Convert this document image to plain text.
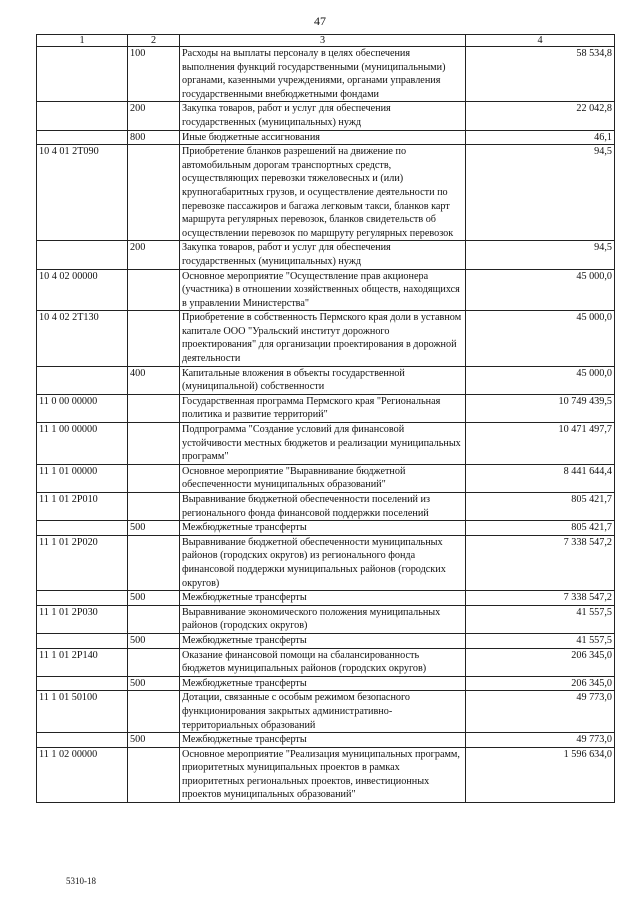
47
1	2	3	4
	100	Расходы на выплаты персоналу в целях обеспечения выполнения функций государственными (муниципальными) органами, казенными учреждениями, органами управления государственными внебюджетными фондами	58 534,8
	200	Закупка товаров, работ и услуг для обеспечения государственных (муниципальных) нужд	22 042,8
	800	Иные бюджетные ассигнования	46,1
10 4 01 2T090		Приобретение бланков разрешений на движение по автомобильным дорогам транспортных средств, осуществляющих перевозки тяжеловесных и (или) крупногабаритных грузов, и осуществление деятельности по перевозке пассажиров и багажа легковым такси, бланков карт маршрута регулярных перевозок, бланков свидетельств об осуществлении перевозок по маршруту регулярных перевозок	94,5
	200	Закупка товаров, работ и услуг для обеспечения государственных (муниципальных) нужд	94,5
10 4 02 00000		Основное мероприятие "Осуществление прав акционера (участника) в отношении хозяйственных обществ, находящихся в управлении Министерства"	45 000,0
10 4 02 2T130		Приобретение в собственность Пермского края доли в уставном капитале ООО "Уральский институт дорожного проектирования" для организации проектирования в дорожной деятельности	45 000,0
	400	Капитальные вложения в объекты государственной (муниципальной) собственности	45 000,0
11 0 00 00000		Государственная программа Пермского края "Региональная политика и развитие территорий"	10 749 439,5
11 1 00 00000		Подпрограмма "Создание условий для финансовой устойчивости местных бюджетов и реализации муниципальных программ"	10 471 497,7
11 1 01 00000		Основное мероприятие "Выравнивание бюджетной обеспеченности муниципальных образований"	8 441 644,4
11 1 01 2P010		Выравнивание бюджетной обеспеченности поселений из регионального фонда финансовой поддержки поселений	805 421,7
	500	Межбюджетные трансферты	805 421,7
11 1 01 2P020		Выравнивание бюджетной обеспеченности муниципальных районов (городских округов) из регионального фонда финансовой поддержки муниципальных районов (городских округов)	7 338 547,2
	500	Межбюджетные трансферты	7 338 547,2
11 1 01 2P030		Выравнивание экономического положения муниципальных районов (городских округов)	41 557,5
	500	Межбюджетные трансферты	41 557,5
11 1 01 2P140		Оказание финансовой помощи на сбалансированность бюджетов муниципальных районов (городских округов)	206 345,0
	500	Межбюджетные трансферты	206 345,0
11 1 01 50100		Дотации, связанные с особым режимом безопасного функционирования закрытых административно-территориальных образований	49 773,0
	500	Межбюджетные трансферты	49 773,0
11 1 02 00000		Основное мероприятие "Реализация муниципальных программ, приоритетных муниципальных проектов в рамках приоритетных региональных проектов, инвестиционных проектов муниципальных образований"	1 596 634,0
5310-18
